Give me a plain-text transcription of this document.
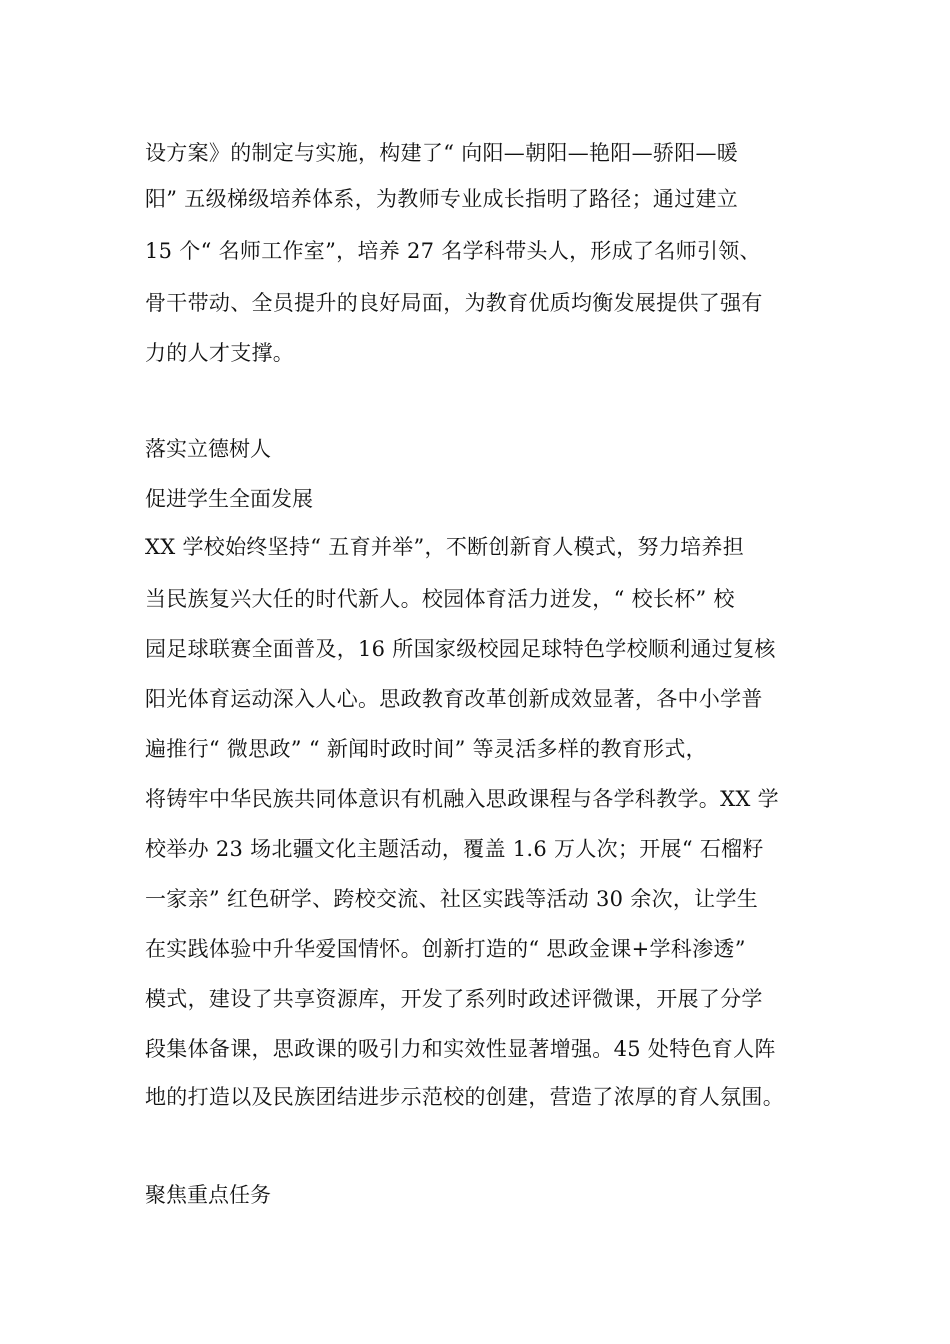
设方案》的制定与实施，构建了“ 向阳—朝阳—艳阳—骄阳—暖
阳” 五级梯级培养体系，为教师专业成长指明了路径；通过建立
15 个“ 名师工作室”，培养 27 名学科带头人，形成了名师引领、
骨干带动、全员提升的良好局面，为教育优质均衡发展提供了强有
力的人才支撑。
落实立德树人
促进学生全面发展
XX 学校始终坚持“ 五育并举”，不断创新育人模式，努力培养担
当民族复兴大任的时代新人。校园体育活力迸发，“ 校长杯” 校
园足球联赛全面普及，16 所国家级校园足球特色学校顺利通过复核
阳光体育运动深入人心。思政教育改革创新成效显著，各中小学普
遍推行“ 微思政” “ 新闻时政时间” 等灵活多样的教育形式，
将铸牢中华民族共同体意识有机融入思政课程与各学科教学。XX 学
校举办 23 场北疆文化主题活动，覆盖 1.6 万人次；开展“ 石榴籽
一家亲” 红色研学、跨校交流、社区实践等活动 30 余次，让学生
在实践体验中升华爱国情怀。创新打造的“ 思政金课+学科渗透”
模式，建设了共享资源库，开发了系列时政述评微课，开展了分学
段集体备课，思政课的吸引力和实效性显著增强。45 处特色育人阵
地的打造以及民族团结进步示范校的创建，营造了浓厚的育人氛围。
聚焦重点任务
